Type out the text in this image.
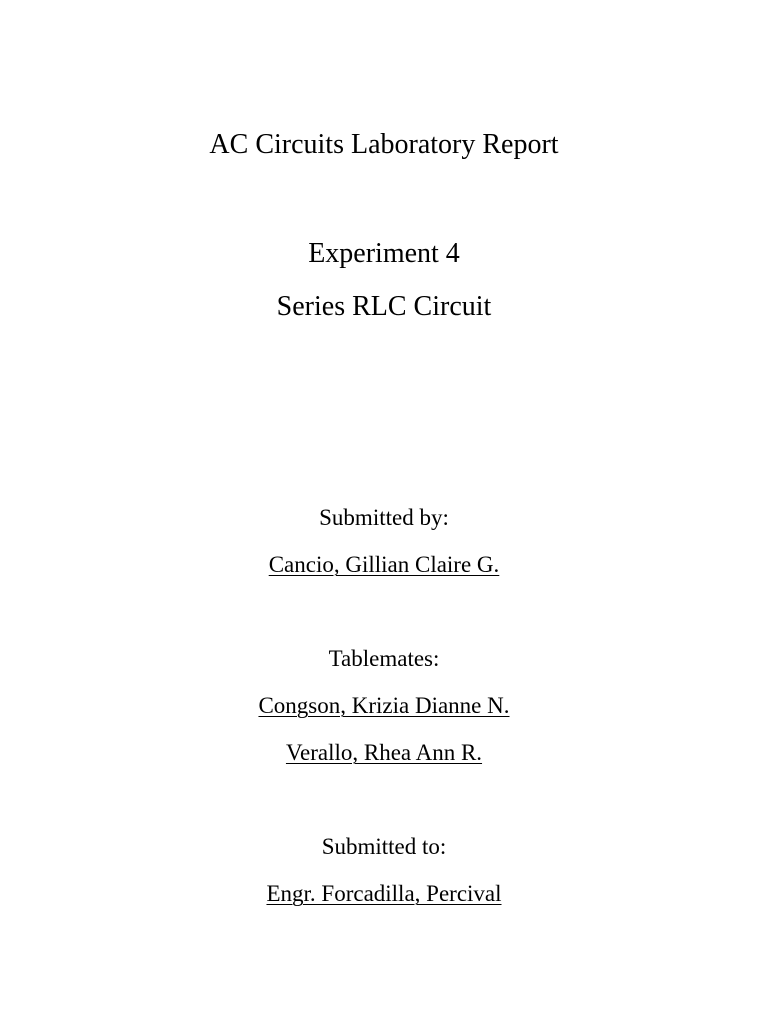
AC Circuits Laboratory Report
Experiment 4
Series RLC Circuit
Submitted by:
Cancio, Gillian Claire G.
Tablemates:
Congson, Krizia Dianne N.
Verallo, Rhea Ann R.
Submitted to:
Engr. Forcadilla, Percival
